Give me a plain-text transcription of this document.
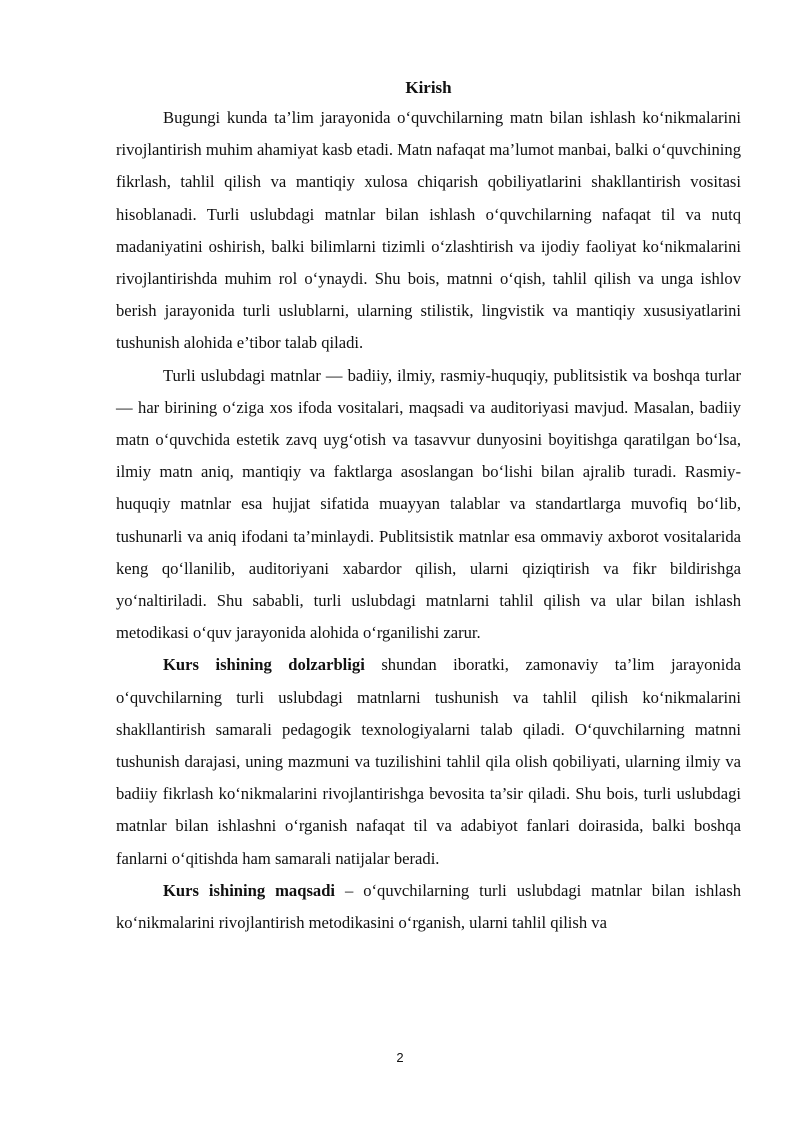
Kirish

Bugungi kunda ta’lim jarayonida o‘quvchilarning matn bilan ishlash ko‘nikmalarini rivojlantirish muhim ahamiyat kasb etadi. Matn nafaqat ma’lumot manbai, balki o‘quvchining fikrlash, tahlil qilish va mantiqiy xulosa chiqarish qobiliyatlarini shakllantirish vositasi hisoblanadi. Turli uslubdagi matnlar bilan ishlash o‘quvchilarning nafaqat til va nutq madaniyatini oshirish, balki bilimlarni tizimli o‘zlashtirish va ijodiy faoliyat ko‘nikmalarini rivojlantirishda muhim rol o‘ynaydi. Shu bois, matnni o‘qish, tahlil qilish va unga ishlov berish jarayonida turli uslublarni, ularning stilistik, lingvistik va mantiqiy xususiyatlarini tushunish alohida e’tibor talab qiladi.

Turli uslubdagi matnlar — badiiy, ilmiy, rasmiy-huquqiy, publitsistik va boshqa turlar — har birining o‘ziga xos ifoda vositalari, maqsadi va auditoriyasi mavjud. Masalan, badiiy matn o‘quvchida estetik zavq uyg‘otish va tasavvur dunyosini boyitishga qaratilgan bo‘lsa, ilmiy matn aniq, mantiqiy va faktlarga asoslangan bo‘lishi bilan ajralib turadi. Rasmiy-huquqiy matnlar esa hujjat sifatida muayyan talablar va standartlarga muvofiq bo‘lib, tushunarli va aniq ifodani ta’minlaydi. Publitsistik matnlar esa ommaviy axborot vositalarida keng qo‘llanilib, auditoriyani xabardor qilish, ularni qiziqtirish va fikr bildirishga yo‘naltiriladi. Shu sababli, turli uslubdagi matnlarni tahlil qilish va ular bilan ishlash metodikasi o‘quv jarayonida alohida o‘rganilishi zarur.

Kurs ishining dolzarbligi shundan iboratki, zamonaviy ta’lim jarayonida o‘quvchilarning turli uslubdagi matnlarni tushunish va tahlil qilish ko‘nikmalarini shakllantirish samarali pedagogik texnologiyalarni talab qiladi. O‘quvchilarning matnni tushunish darajasi, uning mazmuni va tuzilishini tahlil qila olish qobiliyati, ularning ilmiy va badiiy fikrlash ko‘nikmalarini rivojlantirishga bevosita ta’sir qiladi. Shu bois, turli uslubdagi matnlar bilan ishlashni o‘rganish nafaqat til va adabiyot fanlari doirasida, balki boshqa fanlarni o‘qitishda ham samarali natijalar beradi.

Kurs ishining maqsadi – o‘quvchilarning turli uslubdagi matnlar bilan ishlash ko‘nikmalarini rivojlantirish metodikasini o‘rganish, ularni tahlil qilish va

2
